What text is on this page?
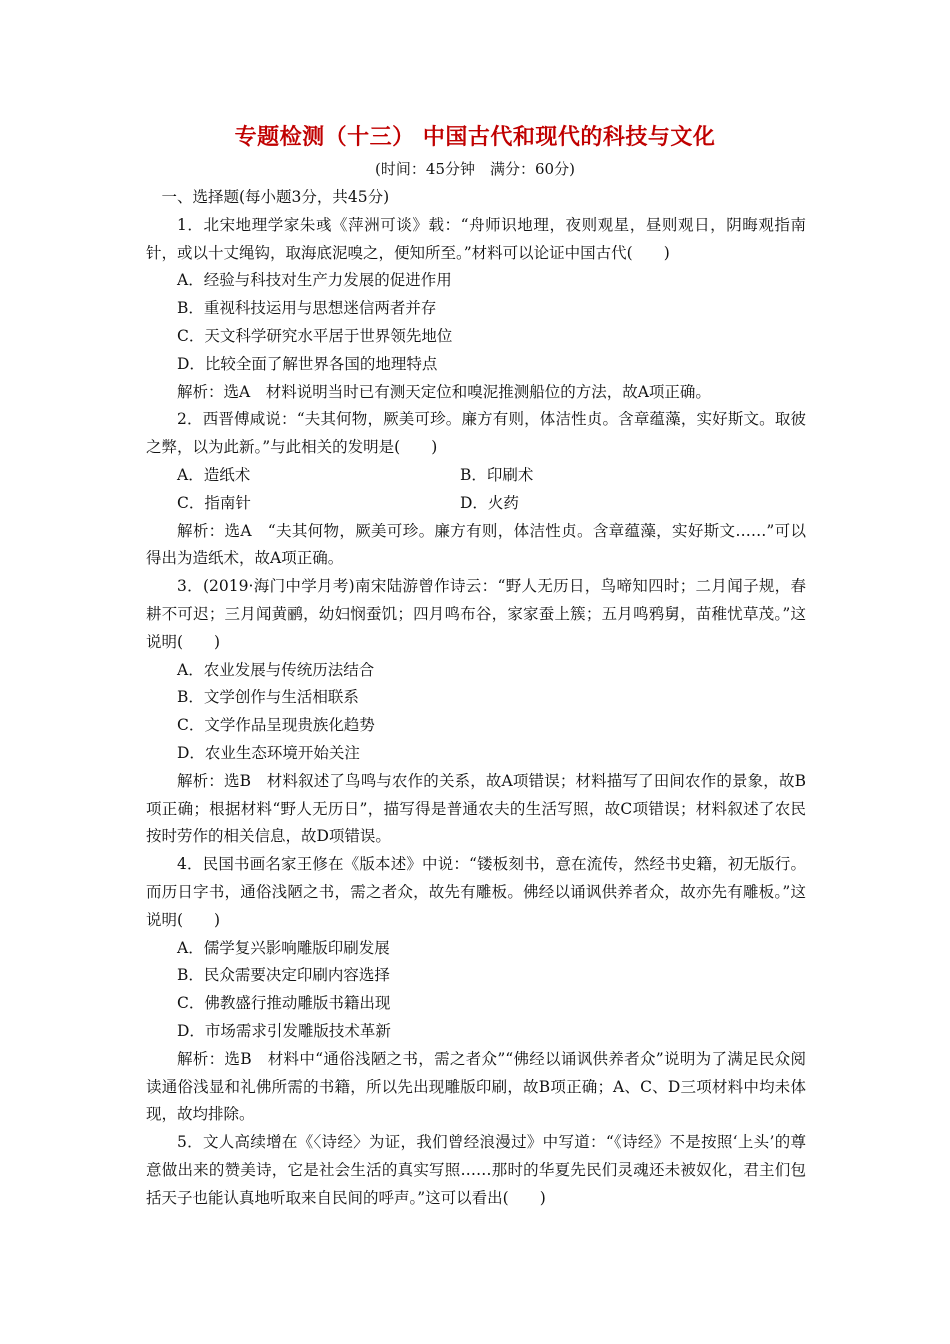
专题检测（十三） 中国古代和现代的科技与文化
(时间：45分钟　满分：60分)

一、选择题(每小题3分，共45分)

1．北宋地理学家朱彧《萍洲可谈》载：“舟师识地理，夜则观星，昼则观日，阴晦观指南针，或以十丈绳钩，取海底泥嗅之，便知所至。”材料可以论证中国古代(　　)

A．经验与科技对生产力发展的促进作用

B．重视科技运用与思想迷信两者并存

C．天文科学研究水平居于世界领先地位

D．比较全面了解世界各国的地理特点

解析：选A　材料说明当时已有测天定位和嗅泥推测船位的方法，故A项正确。

2．西晋傅咸说：“夫其何物，厥美可珍。廉方有则，体洁性贞。含章蕴藻，实好斯文。取彼之弊，以为此新。”与此相关的发明是(　　)

A．造纸术	B．印刷术
C．指南针	D．火药

解析：选A　“夫其何物，厥美可珍。廉方有则，体洁性贞。含章蕴藻，实好斯文……”可以得出为造纸术，故A项正确。

3．(2019·海门中学月考)南宋陆游曾作诗云：“野人无历日，鸟啼知四时；二月闻子规，春耕不可迟；三月闻黄鹂，幼妇悯蚕饥；四月鸣布谷，家家蚕上簇；五月鸣鸦舅，苗稚忧草茂。”这说明(　　)

A．农业发展与传统历法结合

B．文学创作与生活相联系

C．文学作品呈现贵族化趋势

D．农业生态环境开始关注

解析：选B　材料叙述了鸟鸣与农作的关系，故A项错误；材料描写了田间农作的景象，故B项正确；根据材料“野人无历日”，描写得是普通农夫的生活写照，故C项错误；材料叙述了农民按时劳作的相关信息，故D项错误。

4．民国书画名家王修在《版本述》中说：“镂板刻书，意在流传，然经书史籍，初无版行。而历日字书，通俗浅陋之书，需之者众，故先有雕板。佛经以诵讽供养者众，故亦先有雕板。”这说明(　　)

A．儒学复兴影响雕版印刷发展

B．民众需要决定印刷内容选择

C．佛教盛行推动雕版书籍出现

D．市场需求引发雕版技术革新

解析：选B　材料中“通俗浅陋之书，需之者众”“佛经以诵讽供养者众”说明为了满足民众阅读通俗浅显和礼佛所需的书籍，所以先出现雕版印刷，故B项正确；A、C、D三项材料中均未体现，故均排除。

5．文人高续增在《〈诗经〉为证，我们曾经浪漫过》中写道：“《诗经》不是按照‘上头’的尊意做出来的赞美诗，它是社会生活的真实写照……那时的华夏先民们灵魂还未被奴化，君主们包括天子也能认真地听取来自民间的呼声。”这可以看出(　　)
